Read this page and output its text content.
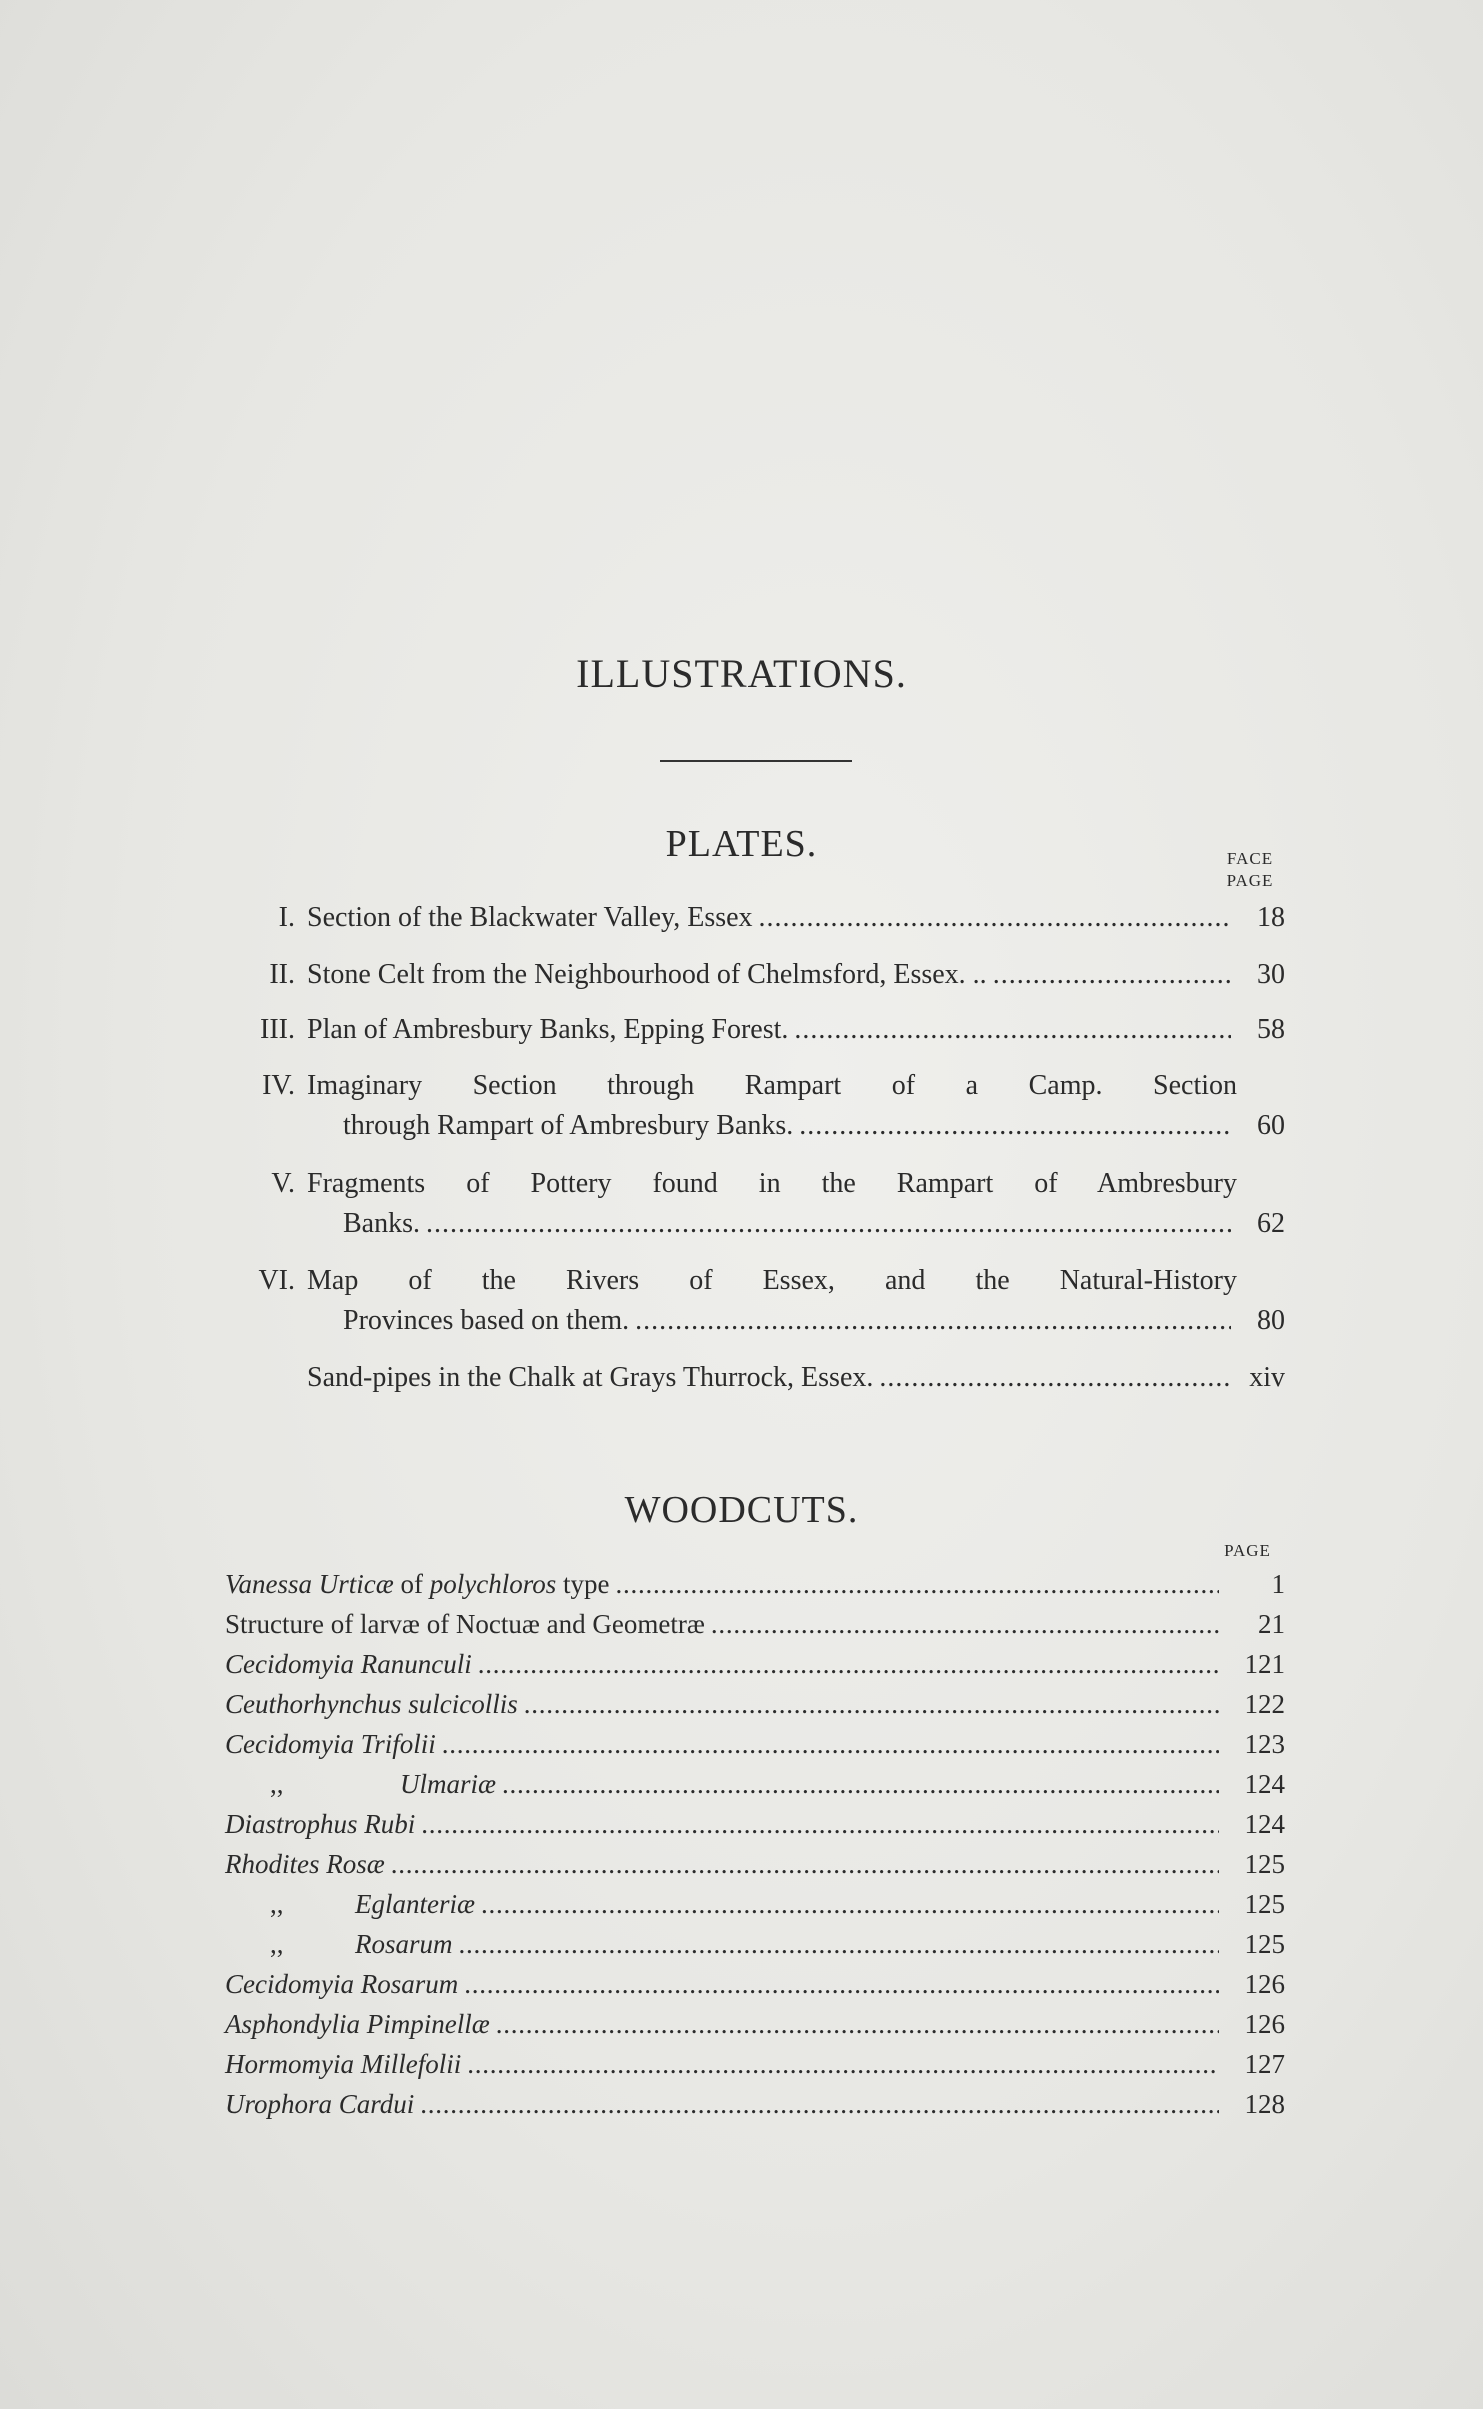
ILLUSTRATIONS.
PLATES.	FACE
PAGE
I. Section of the Blackwater Valley, Essex . . .	18
II. Stone Celt from the Neighbourhood of Chelmsford, Essex. .. . . .	30
III. Plan of Ambresbury Banks, Epping Forest. . . .	58
IV. Imaginary Section through Rampart of a Camp. Section
through Rampart of Ambresbury Banks. . . .	60
V. Fragments of Pottery found in the Rampart of Ambresbury
Banks. . . .	62
VI. Map of the Rivers of Essex, and the Natural-History
Provinces based on them. . . .	80
Sand-pipes in the Chalk at Grays Thurrock, Essex. . . .	xiv
WOODCUTS.
PAGE
Vanessa Urticæ of polychloros type . . .	1
Structure of larvæ of Noctuæ and Geometræ . . .	21
Cecidomyia Ranunculi . . .	121
Ceuthorhynchus sulcicollis . . .	122
Cecidomyia Trifolii . . .	123
,,	Ulmariæ . . .	124
Diastrophus Rubi . . .	124
Rhodites Rosæ . . .	125
,,	Eglanteriæ . . .	125
,,	Rosarum . . .	125
Cecidomyia Rosarum . . .	126
Asphondylia Pimpinellæ . . .	126
Hormomyia Millefolii . . .	127
Urophora Cardui . . .	128
